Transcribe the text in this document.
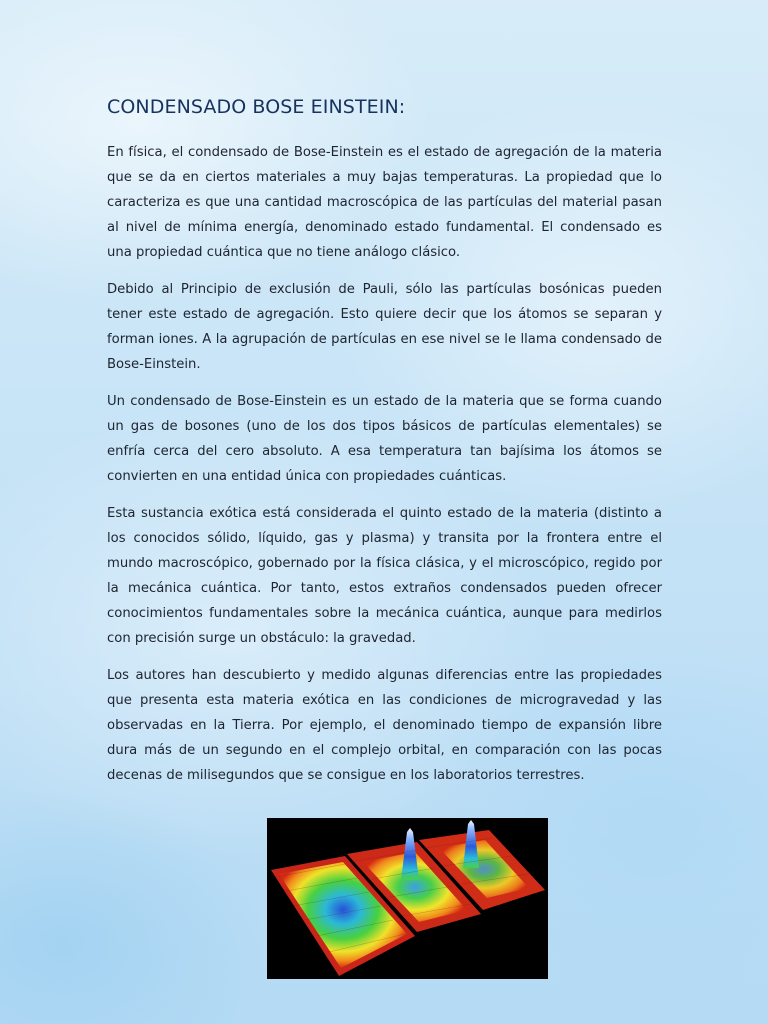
CONDENSADO BOSE EINSTEIN:

En física, el condensado de Bose-Einstein es el estado de agregación de la materia que se da en ciertos materiales a muy bajas temperaturas. La propiedad que lo caracteriza es que una cantidad macroscópica de las partículas del material pasan al nivel de mínima energía, denominado estado fundamental. El condensado es una propiedad cuántica que no tiene análogo clásico.

Debido al Principio de exclusión de Pauli, sólo las partículas bosónicas pueden tener este estado de agregación. Esto quiere decir que los átomos se separan y forman iones. A la agrupación de partículas en ese nivel se le llama condensado de Bose-Einstein.

Un condensado de Bose-Einstein es un estado de la materia que se forma cuando un gas de bosones (uno de los dos tipos básicos de partículas elementales) se enfría cerca del cero absoluto. A esa temperatura tan bajísima los átomos se convierten en una entidad única con propiedades cuánticas.

Esta sustancia exótica está considerada el quinto estado de la materia (distinto a los conocidos sólido, líquido, gas y plasma) y transita por la frontera entre el mundo macroscópico, gobernado por la física clásica, y el microscópico, regido por la mecánica cuántica. Por tanto, estos extraños condensados pueden ofrecer conocimientos fundamentales sobre la mecánica cuántica, aunque para medirlos con precisión surge un obstáculo: la gravedad.

Los autores han descubierto y medido algunas diferencias entre las propiedades que presenta esta materia exótica en las condiciones de microgravedad y las observadas en la Tierra. Por ejemplo, el denominado tiempo de expansión libre dura más de un segundo en el complejo orbital, en comparación con las pocas decenas de milisegundos que se consigue en los laboratorios terrestres.
